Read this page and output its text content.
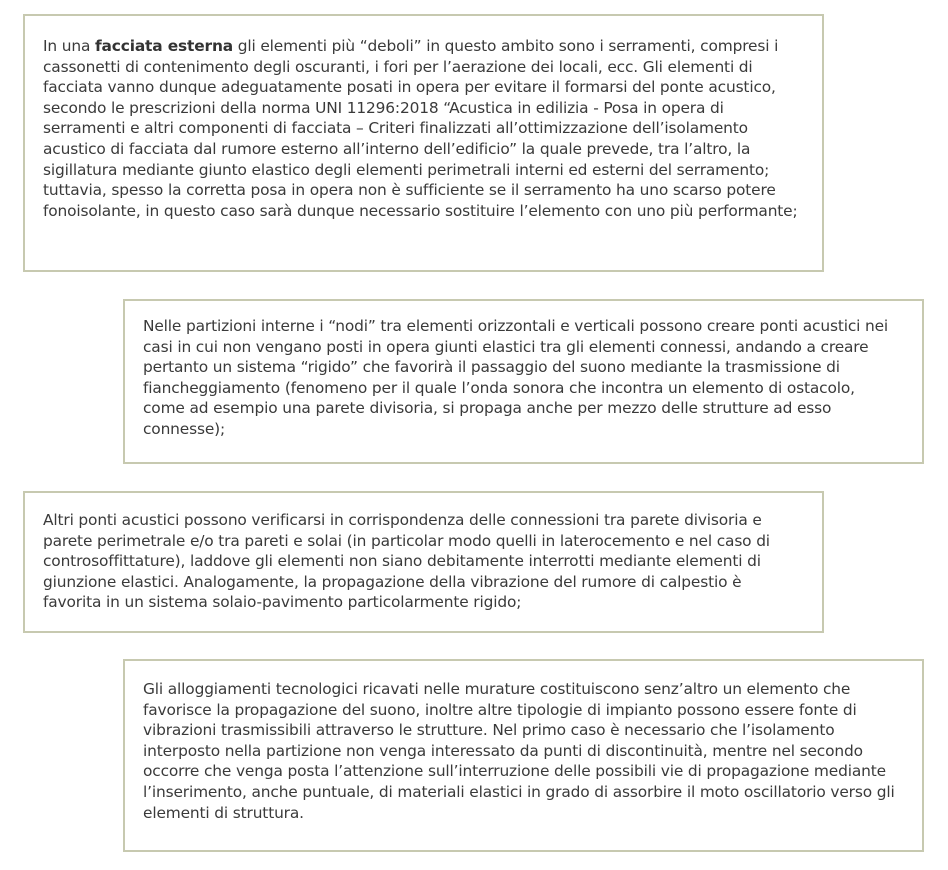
In una facciata esterna gli elementi più “deboli” in questo ambito sono i serramenti, compresi i cassonetti di contenimento degli oscuranti, i fori per l’aerazione dei locali, ecc. Gli elementi di facciata vanno dunque adeguatamente posati in opera per evitare il formarsi del ponte acustico, secondo le prescrizioni della norma UNI 11296:2018 “Acustica in edilizia - Posa in opera di serramenti e altri componenti di facciata – Criteri finalizzati all’ottimizzazione dell’isolamento acustico di facciata dal rumore esterno all’interno dell’edificio” la quale prevede, tra l’altro, la sigillatura mediante giunto elastico degli elementi perimetrali interni ed esterni del serramento; tuttavia, spesso la corretta posa in opera non è sufficiente se il serramento ha uno scarso potere fonoisolante, in questo caso sarà dunque necessario sostituire l’elemento con uno più performante;

Nelle partizioni interne i “nodi” tra elementi orizzontali e verticali possono creare ponti acustici nei casi in cui non vengano posti in opera giunti elastici tra gli elementi connessi, andando a creare pertanto un sistema “rigido” che favorirà il passaggio del suono mediante la trasmissione di fiancheggiamento (fenomeno per il quale l’onda sonora che incontra un elemento di ostacolo, come ad esempio una parete divisoria, si propaga anche per mezzo delle strutture ad esso connesse);

Altri ponti acustici possono verificarsi in corrispondenza delle connessioni tra parete divisoria e parete perimetrale e/o tra pareti e solai (in particolar modo quelli in laterocemento e nel caso di controsoffittature), laddove gli elementi non siano debitamente interrotti mediante elementi di giunzione elastici. Analogamente, la propagazione della vibrazione del rumore di calpestio è favorita in un sistema solaio-pavimento particolarmente rigido;

Gli alloggiamenti tecnologici ricavati nelle murature costituiscono senz’altro un elemento che favorisce la propagazione del suono, inoltre altre tipologie di impianto possono essere fonte di vibrazioni trasmissibili attraverso le strutture. Nel primo caso è necessario che l’isolamento interposto nella partizione non venga interessato da punti di discontinuità, mentre nel secondo occorre che venga posta l’attenzione sull’interruzione delle possibili vie di propagazione mediante l’inserimento, anche puntuale, di materiali elastici in grado di assorbire il moto oscillatorio verso gli elementi di struttura.
